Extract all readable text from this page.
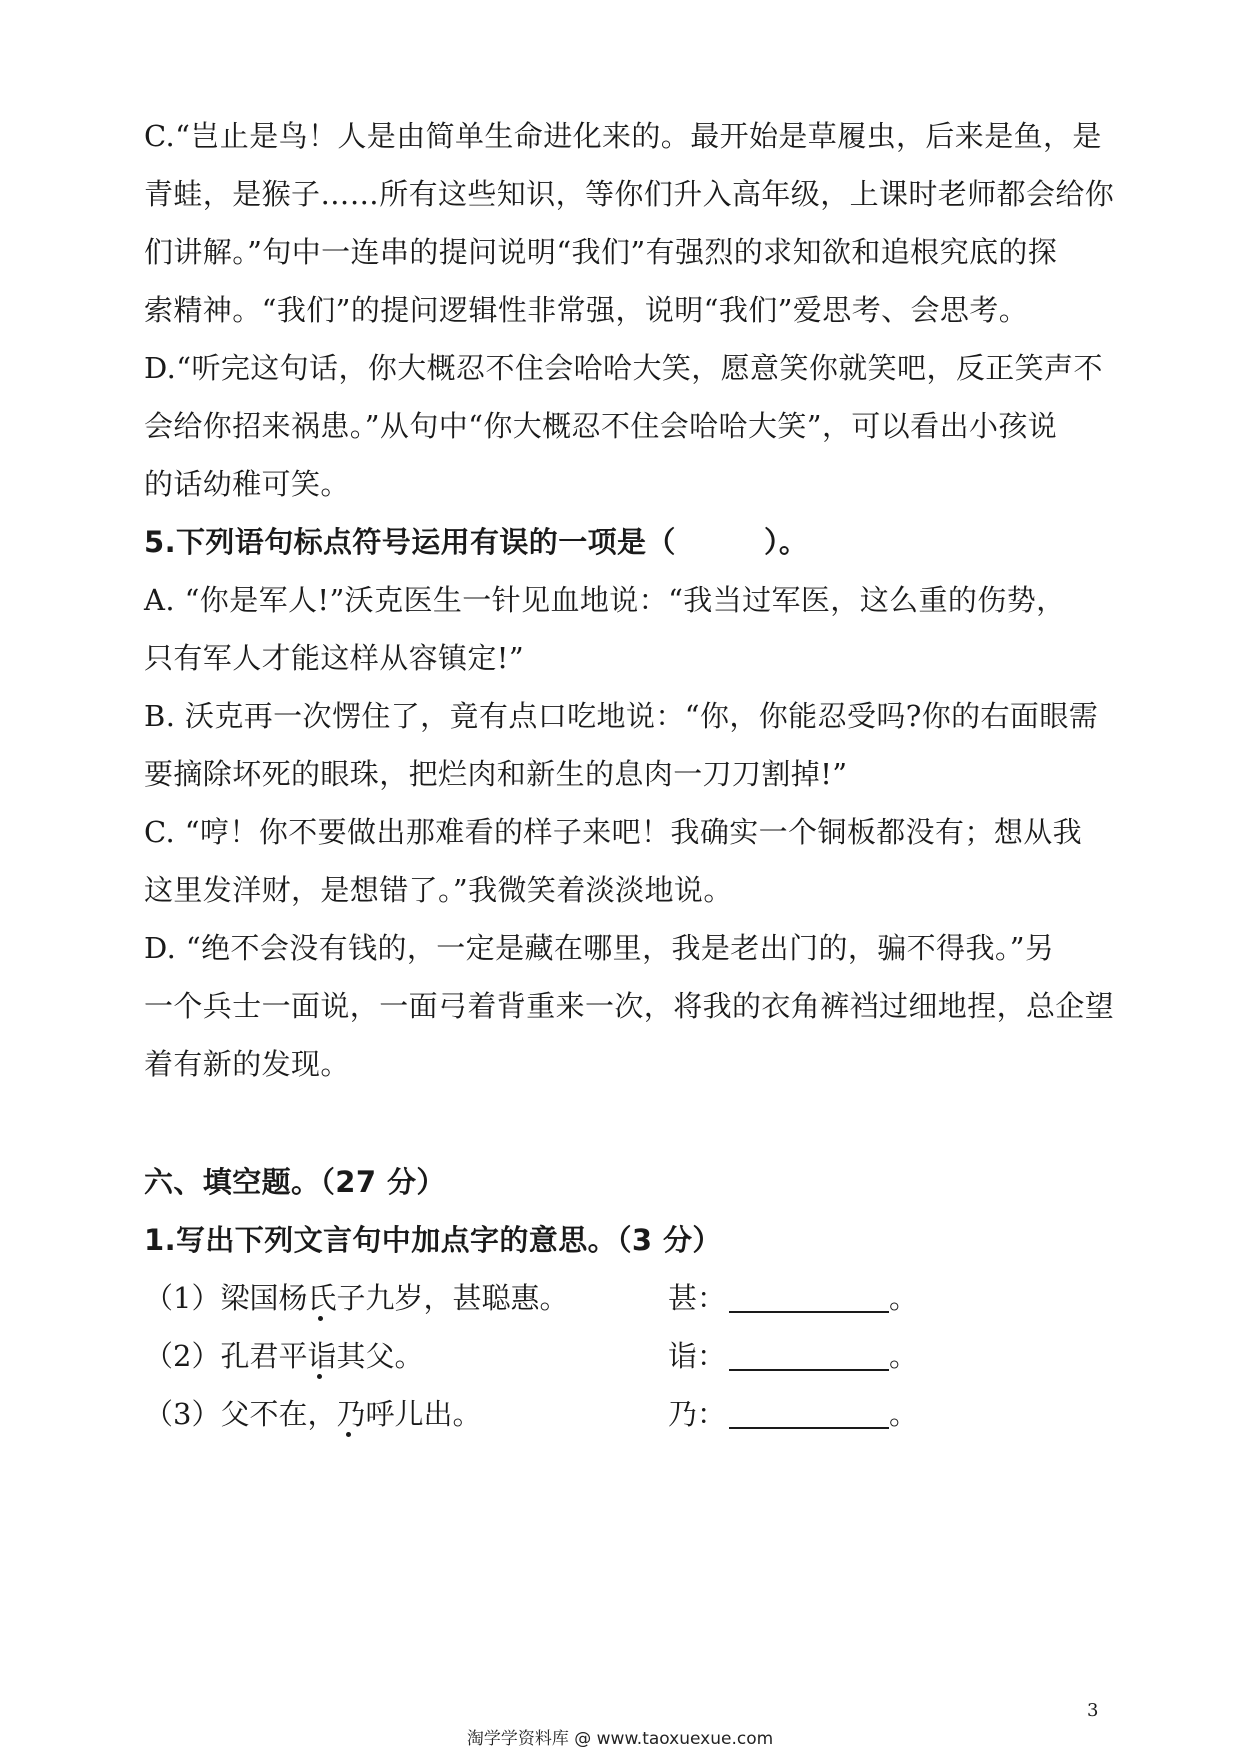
C.“岂止是鸟！人是由简单生命进化来的。最开始是草履虫，后来是鱼，是
青蛙，是猴子……所有这些知识，等你们升入高年级，上课时老师都会给你
们讲解。”句中一连串的提问说明“我们”有强烈的求知欲和追根究底的探
索精神。“我们”的提问逻辑性非常强，说明“我们”爱思考、会思考。
D.“听完这句话，你大概忍不住会哈哈大笑，愿意笑你就笑吧，反正笑声不
会给你招来祸患。”从句中“你大概忍不住会哈哈大笑”，可以看出小孩说
的话幼稚可笑。
5.下列语句标点符号运用有误的一项是（　　　）。
A. “你是军人!”沃克医生一针见血地说：“我当过军医，这么重的伤势，
只有军人才能这样从容镇定!”
B. 沃克再一次愣住了，竟有点口吃地说：“你，你能忍受吗?你的右面眼需
要摘除坏死的眼珠，把烂肉和新生的息肉一刀刀割掉!”
C. “哼！你不要做出那难看的样子来吧！我确实一个铜板都没有；想从我
这里发洋财，是想错了。”我微笑着淡淡地说。
D. “绝不会没有钱的，一定是藏在哪里，我是老出门的，骗不得我。”另
一个兵士一面说，一面弓着背重来一次，将我的衣角裤裆过细地捏，总企望
着有新的发现。
六、填空题。（27 分）
1.写出下列文言句中加点字的意思。（3 分）
（1）梁国杨氏子九岁，甚聪惠。	甚：	。
（2）孔君平诣其父。	诣：	。
（3）父不在，乃呼儿出。	乃：	。
3
淘学学资料库 @ www.taoxuexue.com
